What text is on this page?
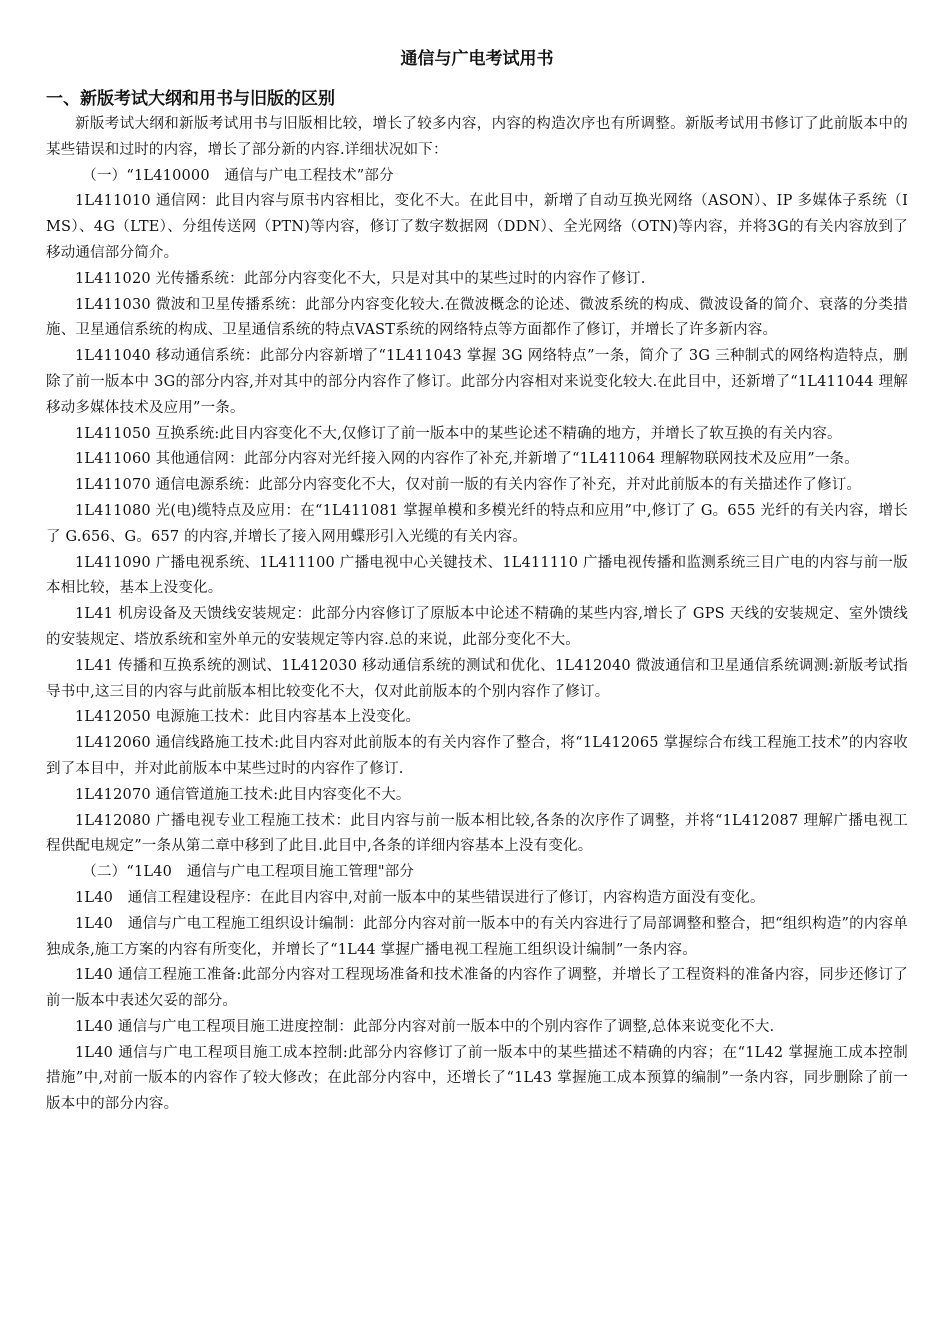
通信与广电考试用书
一、新版考试大纲和用书与旧版的区别

新版考试大纲和新版考试用书与旧版相比较，增长了较多内容，内容的构造次序也有所调整。新版考试用书修订了此前版本中的某些错误和过时的内容，增长了部分新的内容.详细状况如下：

（一）“1L410000　通信与广电工程技术”部分

1L411010 通信网：此目内容与原书内容相比，变化不大。在此目中，新增了自动互换光网络（ASON）、IP 多媒体子系统（IMS）、4G（LTE）、分组传送网（PTN)等内容，修订了数字数据网（DDN）、全光网络（OTN)等内容，并将3G的有关内容放到了移动通信部分简介。

1L411020 光传播系统：此部分内容变化不大，只是对其中的某些过时的内容作了修订.

1L411030 微波和卫星传播系统：此部分内容变化较大.在微波概念的论述、微波系统的构成、微波设备的简介、衰落的分类措施、卫星通信系统的构成、卫星通信系统的特点VAST系统的网络特点等方面都作了修订，并增长了许多新内容。

1L411040 移动通信系统：此部分内容新增了“1L411043 掌握 3G 网络特点”一条，简介了 3G 三种制式的网络构造特点，删除了前一版本中 3G的部分内容,并对其中的部分内容作了修订。此部分内容相对来说变化较大.在此目中，还新增了“1L411044 理解移动多媒体技术及应用”一条。

1L411050 互换系统:此目内容变化不大,仅修订了前一版本中的某些论述不精确的地方，并增长了软互换的有关内容。

1L411060 其他通信网：此部分内容对光纤接入网的内容作了补充,并新增了“1L411064 理解物联网技术及应用”一条。

1L411070 通信电源系统：此部分内容变化不大，仅对前一版的有关内容作了补充，并对此前版本的有关描述作了修订。

1L411080 光(电)缆特点及应用：在“1L411081 掌握单模和多模光纤的特点和应用”中,修订了 G。655 光纤的有关内容，增长了 G.656、G。657 的内容,并增长了接入网用蝶形引入光缆的有关内容。

1L411090 广播电视系统、1L411100 广播电视中心关键技术、1L411110 广播电视传播和监测系统三目广电的内容与前一版本相比较，基本上没变化。

1L41 机房设备及天馈线安装规定：此部分内容修订了原版本中论述不精确的某些内容,增长了 GPS 天线的安装规定、室外馈线的安装规定、塔放系统和室外单元的安装规定等内容.总的来说，此部分变化不大。

1L41 传播和互换系统的测试、1L412030 移动通信系统的测试和优化、1L412040 微波通信和卫星通信系统调测:新版考试指导书中,这三目的内容与此前版本相比较变化不大，仅对此前版本的个别内容作了修订。

1L412050 电源施工技术：此目内容基本上没变化。

1L412060 通信线路施工技术:此目内容对此前版本的有关内容作了整合，将“1L412065 掌握综合布线工程施工技术”的内容收到了本目中，并对此前版本中某些过时的内容作了修订.

1L412070 通信管道施工技术:此目内容变化不大。

1L412080 广播电视专业工程施工技术：此目内容与前一版本相比较,各条的次序作了调整，并将“1L412087 理解广播电视工程供配电规定”一条从第二章中移到了此目.此目中,各条的详细内容基本上没有变化。

（二）“1L40　通信与广电工程项目施工管理"部分

1L40　通信工程建设程序：在此目内容中,对前一版本中的某些错误进行了修订，内容构造方面没有变化。

1L40　通信与广电工程施工组织设计编制：此部分内容对前一版本中的有关内容进行了局部调整和整合，把“组织构造”的内容单独成条,施工方案的内容有所变化，并增长了“1L44 掌握广播电视工程施工组织设计编制”一条内容。

1L40 通信工程施工准备:此部分内容对工程现场准备和技术准备的内容作了调整，并增长了工程资料的准备内容，同步还修订了前一版本中表述欠妥的部分。

1L40 通信与广电工程项目施工进度控制：此部分内容对前一版本中的个别内容作了调整,总体来说变化不大.

1L40 通信与广电工程项目施工成本控制:此部分内容修订了前一版本中的某些描述不精确的内容；在“1L42 掌握施工成本控制措施”中,对前一版本的内容作了较大修改；在此部分内容中，还增长了“1L43 掌握施工成本预算的编制”一条内容，同步删除了前一版本中的部分内容。
